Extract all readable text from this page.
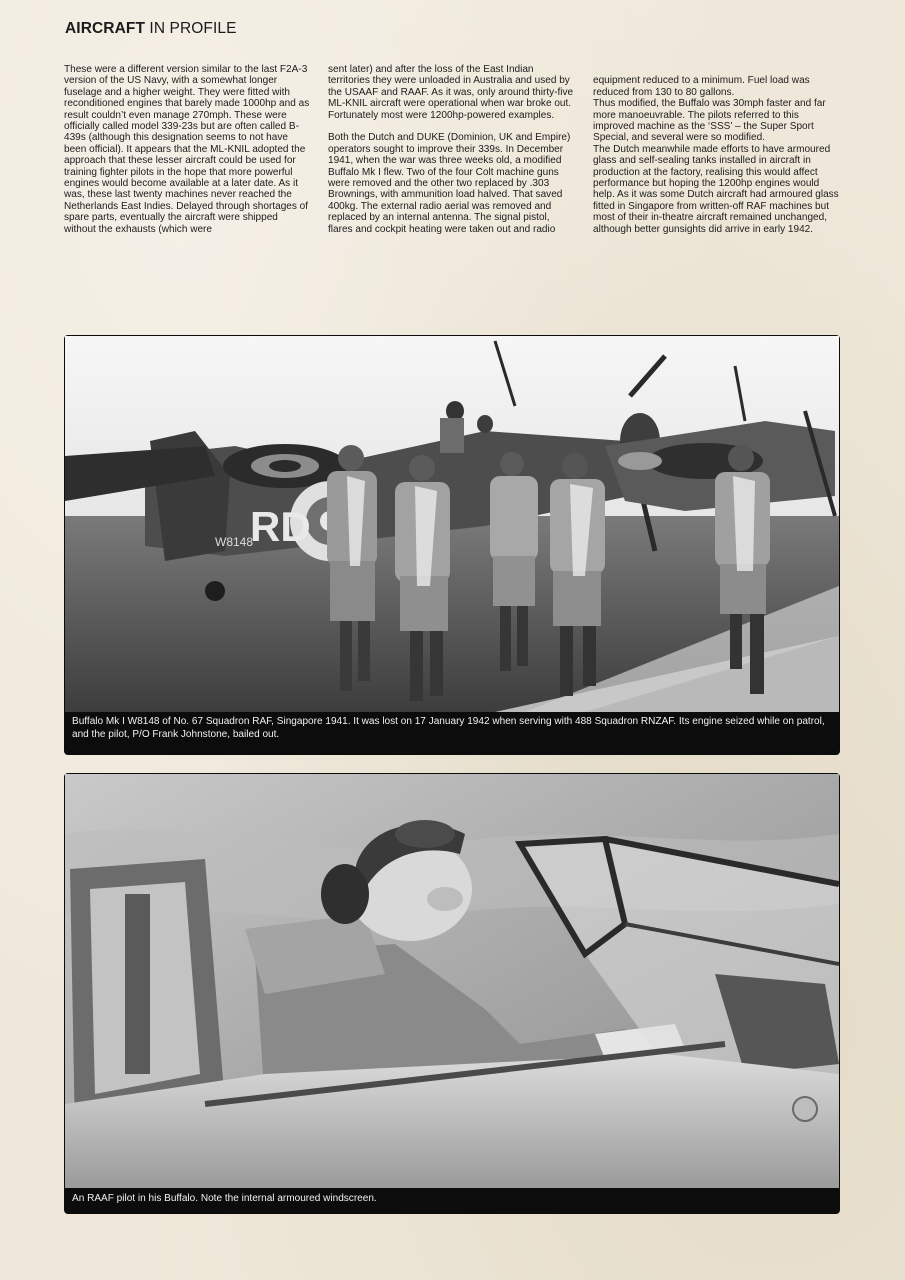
AIRCRAFT IN PROFILE

These were a different version similar to the last F2A-3 version of the US Navy, with a somewhat longer fuselage and a higher weight. They were fitted with reconditioned engines that barely made 1000hp and as result couldn’t even manage 270mph. These were officially called model 339-23s but are often called B-439s (although this designation seems to not have been official). It appears that the ML-KNIL adopted the approach that these lesser aircraft could be used for training fighter pilots in the hope that more powerful engines would become available at a later date. As it was, these last twenty machines never reached the Netherlands East Indies. Delayed through shortages of spare parts, eventually the aircraft were shipped without the exhausts (which were

sent later) and after the loss of the East Indian territories they were unloaded in Australia and used by the USAAF and RAAF. As it was, only around thirty-five ML-KNIL aircraft were operational when war broke out. Fortunately most were 1200hp-powered examples.

Both the Dutch and DUKE (Dominion, UK and Empire) operators sought to improve their 339s. In December 1941, when the war was three weeks old, a modified Buffalo Mk I flew. Two of the four Colt machine guns were removed and the other two replaced by .303 Brownings, with ammunition load halved. That saved 400kg. The external radio aerial was removed and replaced by an internal antenna. The signal pistol, flares and cockpit heating were taken out and radio

equipment reduced to a minimum. Fuel load was reduced from 130 to 80 gallons.
Thus modified, the Buffalo was 30mph faster and far more manoeuvrable. The pilots referred to this improved machine as the ‘SSS’ – the Super Sport Special, and several were so modified.
The Dutch meanwhile made efforts to have armoured glass and self-sealing tanks installed in aircraft in production at the factory, realising this would affect performance but hoping the 1200hp engines would help. As it was some Dutch aircraft had armoured glass fitted in Singapore from written-off RAF machines but most of their in-theatre aircraft remained unchanged, although better gunsights did arrive in early 1942.

RD
W8148
Buffalo Mk I W8148 of No. 67 Squadron RAF, Singapore 1941. It was lost on 17 January 1942 when serving with 488 Squadron RNZAF. Its engine seized while on patrol, and the pilot, P/O Frank Johnstone, bailed out.
An RAAF pilot in his Buffalo. Note the internal armoured windscreen.
